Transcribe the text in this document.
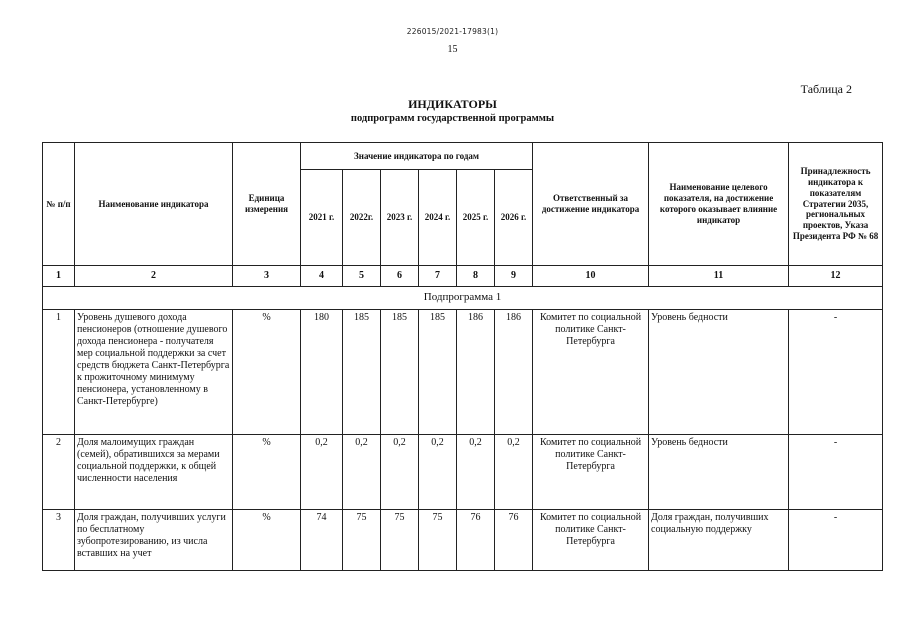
226015/2021-17983(1)
15
Таблица 2
ИНДИКАТОРЫ
подпрограмм государственной программы
№ п/п	Наименование индикатора	Единица измерения	Значение индикатора по годам						Ответственный за достижение индикатора	Наименование целевого показателя, на достижение которого оказывает влияние индикатор	Принадлежность индикатора к показателям Стратегии 2035, региональных проектов, Указа Президента РФ № 68
			2021 г.	2022г.	2023 г.	2024 г.	2025 г.	2026 г.			
1	2	3	4	5	6	7	8	9	10	11	12
Подпрограмма 1											
1	Уровень душевого дохода пенсионеров (отношение душевого дохода пенсионера - получателя мер социальной поддержки за счет средств бюджета Санкт-Петербурга к прожиточному минимуму пенсионера, установленному в Санкт-Петербурге)	%	180	185	185	185	186	186	Комитет по социальной политике Санкт-Петербурга	Уровень бедности	-
2	Доля малоимущих граждан (семей), обратившихся за мерами социальной поддержки, к общей численности населения	%	0,2	0,2	0,2	0,2	0,2	0,2	Комитет по социальной политике Санкт-Петербурга	Уровень бедности	-
3	Доля граждан, получивших услуги по бесплатному зубопротезированию, из числа вставших на учет	%	74	75	75	75	76	76	Комитет по социальной политике Санкт-Петербурга	Доля граждан, получивших социальную поддержку	-
